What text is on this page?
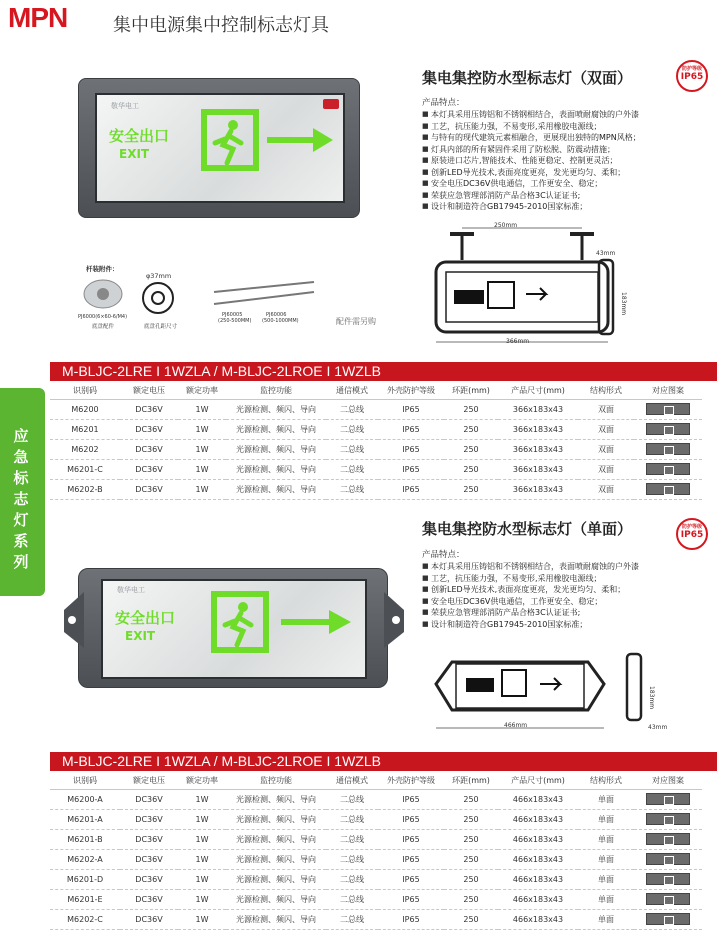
MPN	集中电源集中控制标志灯具
应急标志灯系列
敬华电工
安全出口
EXIT
集电集控防水型标志灯（双面）	防护等级
IP65
产品特点：
■ 本灯具采用压铸铝和不锈钢相结合，表面喷耐腐蚀的户外漆
■ 工艺，抗压能力强，不易变形,采用橡胶电源线；
■ 与特有的现代建筑元素相融合，更展现出独特的MPN风格；
■ 灯具内部的所有紧固件采用了防松脱、防震动措施；
■ 原装进口芯片,智能技术、性能更稳定、控制更灵活；
■ 创新LED导光技术,表面亮度更亮，发光更均匀、柔和；
■ 安全电压DC36V供电通信，工作更安全、稳定；
■ 荣获应急管理部消防产品合格3C认证证书;
■ 设计和制造符合GB17945-2010国家标准；
250mm
366mm
43mm
183mm
杆装附件：
φ37mm
PJ6000(6×60-6/M4)
底盘配件	底盘孔距尺寸
PJ60005
(250-500MM)
PJ60006
(500-1000MM)	配件需另购
M-BLJC-2LRE I 1WZLA / M-BLJC-2LROE I 1WZLB
识别码	额定电压	额定功率	监控功能	通信模式	外壳防护等级	环距(mm)	产品尺寸(mm)	结构形式	对应图案
M6200	DC36V	1W	光源检测、频闪、导向	二总线	IP65	250	366x183x43	双面	
M6201	DC36V	1W	光源检测、频闪、导向	二总线	IP65	250	366x183x43	双面	
M6202	DC36V	1W	光源检测、频闪、导向	二总线	IP65	250	366x183x43	双面	
M6201-C	DC36V	1W	光源检测、频闪、导向	二总线	IP65	250	366x183x43	双面	
M6202-B	DC36V	1W	光源检测、频闪、导向	二总线	IP65	250	366x183x43	双面	
敬华电工
安全出口
EXIT
集电集控防水型标志灯（单面）	防护等级
IP65
产品特点：
■ 本灯具采用压铸铝和不锈钢相结合，表面喷耐腐蚀的户外漆
■ 工艺，抗压能力强，不易变形,采用橡胶电源线；
■ 创新LED导光技术,表面亮度更亮，发光更均匀、柔和；
■ 安全电压DC36V供电通信，工作更安全、稳定；
■ 荣获应急管理部消防产品合格3C认证证书;
■ 设计和制造符合GB17945-2010国家标准；
466mm
183mm
43mm
M-BLJC-2LRE I 1WZLA / M-BLJC-2LROE I 1WZLB
识别码	额定电压	额定功率	监控功能	通信模式	外壳防护等级	环距(mm)	产品尺寸(mm)	结构形式	对应图案
M6200-A	DC36V	1W	光源检测、频闪、导向	二总线	IP65	250	466x183x43	单面	
M6201-A	DC36V	1W	光源检测、频闪、导向	二总线	IP65	250	466x183x43	单面	
M6201-B	DC36V	1W	光源检测、频闪、导向	二总线	IP65	250	466x183x43	单面	
M6202-A	DC36V	1W	光源检测、频闪、导向	二总线	IP65	250	466x183x43	单面	
M6201-D	DC36V	1W	光源检测、频闪、导向	二总线	IP65	250	466x183x43	单面	
M6201-E	DC36V	1W	光源检测、频闪、导向	二总线	IP65	250	466x183x43	单面	
M6202-C	DC36V	1W	光源检测、频闪、导向	二总线	IP65	250	466x183x43	单面	
